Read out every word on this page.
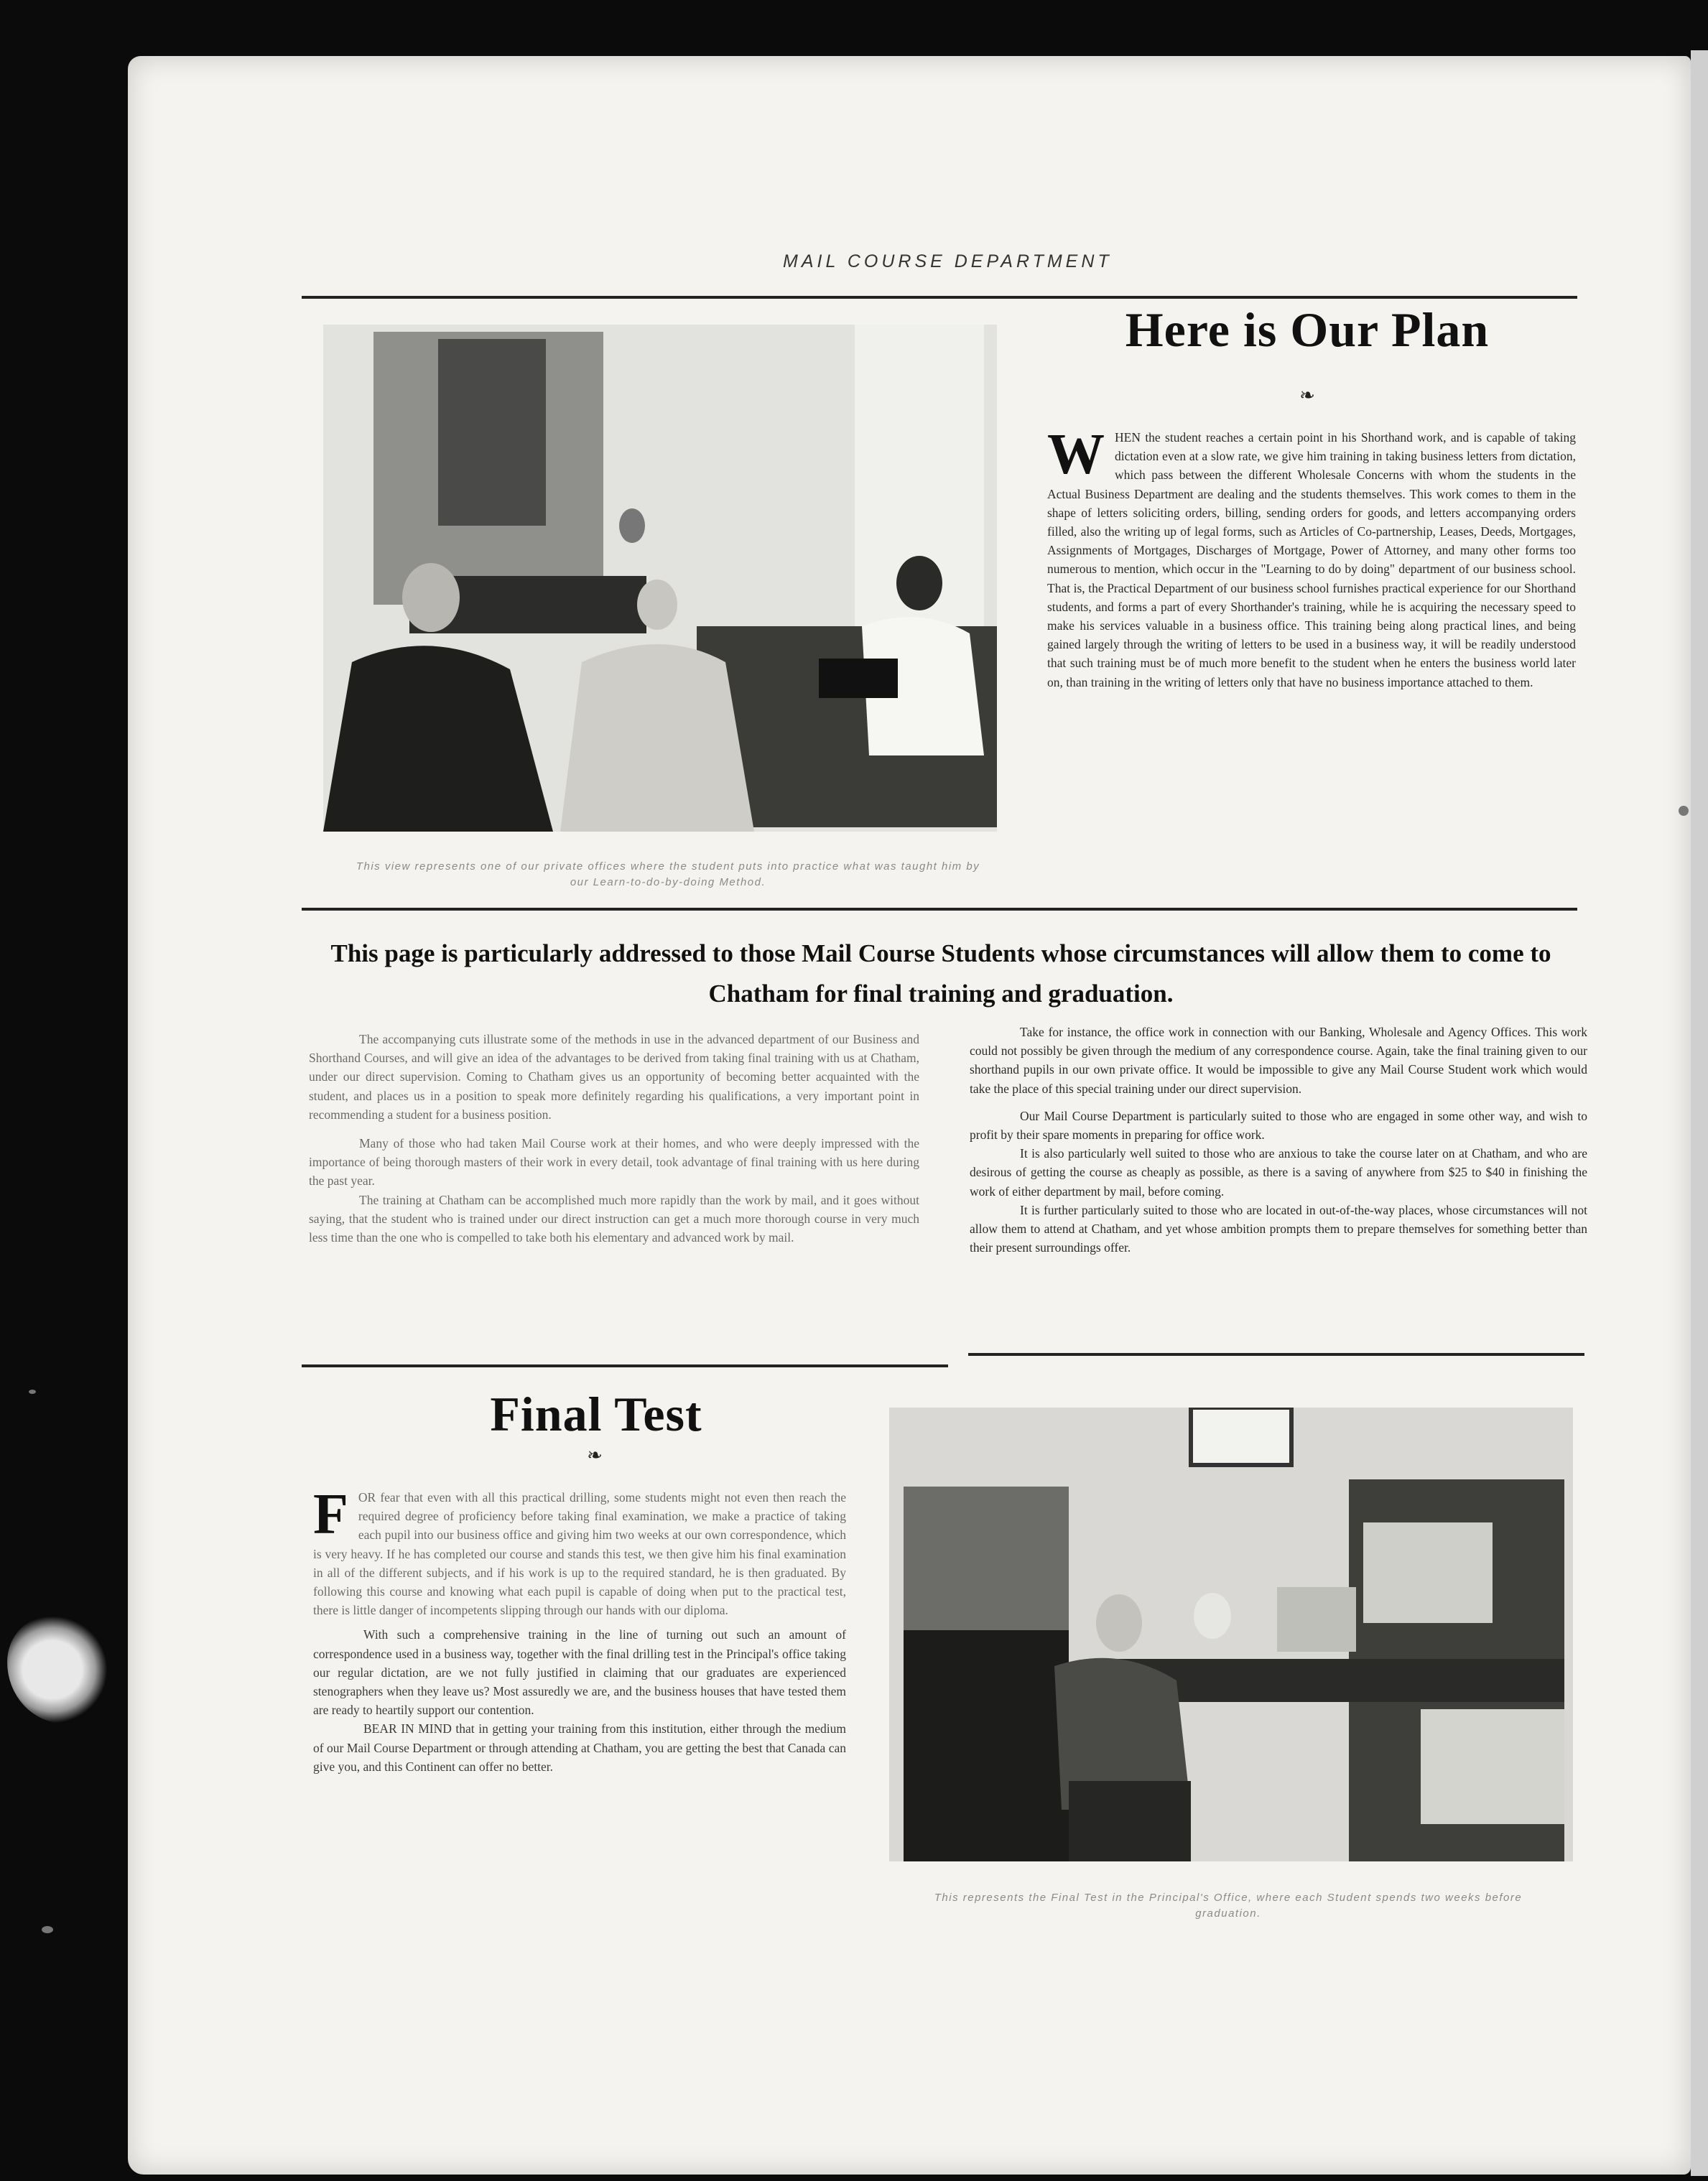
MAIL COURSE DEPARTMENT
This view represents one of our private offices where the student puts into practice what was taught him by our Learn-to-do-by-doing Method.
Here is Our Plan
❧
WHEN the student reaches a certain point in his Shorthand work, and is capable of taking dictation even at a slow rate, we give him training in taking business letters from dictation, which pass between the different Wholesale Concerns with whom the students in the Actual Business Department are dealing and the students themselves. This work comes to them in the shape of letters soliciting orders, billing, sending orders for goods, and letters accompanying orders filled, also the writing up of legal forms, such as Articles of Co-partnership, Leases, Deeds, Mortgages, Assignments of Mortgages, Discharges of Mortgage, Power of Attorney, and many other forms too numerous to mention, which occur in the "Learning to do by doing" department of our business school. That is, the Practical Department of our business school furnishes practical experience for our Shorthand students, and forms a part of every Shorthander's training, while he is acquiring the necessary speed to make his services valuable in a business office. This training being along practical lines, and being gained largely through the writing of letters to be used in a business way, it will be readily understood that such training must be of much more benefit to the student when he enters the business world later on, than training in the writing of letters only that have no business importance attached to them.
This page is particularly addressed to those Mail Course Students whose circumstances will allow them to come to Chatham for final training and graduation.

The accompanying cuts illustrate some of the methods in use in the advanced department of our Business and Shorthand Courses, and will give an idea of the advantages to be derived from taking final training with us at Chatham, under our direct supervision. Coming to Chatham gives us an opportunity of becoming better acquainted with the student, and places us in a position to speak more definitely regarding his qualifications, a very important point in recommending a student for a business position.

Many of those who had taken Mail Course work at their homes, and who were deeply impressed with the importance of being thorough masters of their work in every detail, took advantage of final training with us here during the past year.

The training at Chatham can be accomplished much more rapidly than the work by mail, and it goes without saying, that the student who is trained under our direct instruction can get a much more thorough course in very much less time than the one who is compelled to take both his elementary and advanced work by mail.

Take for instance, the office work in connection with our Banking, Wholesale and Agency Offices. This work could not possibly be given through the medium of any correspondence course. Again, take the final training given to our shorthand pupils in our own private office. It would be impossible to give any Mail Course Student work which would take the place of this special training under our direct supervision.

Our Mail Course Department is particularly suited to those who are engaged in some other way, and wish to profit by their spare moments in preparing for office work.

It is also particularly well suited to those who are anxious to take the course later on at Chatham, and who are desirous of getting the course as cheaply as possible, as there is a saving of anywhere from $25 to $40 in finishing the work of either department by mail, before coming.

It is further particularly suited to those who are located in out-of-the-way places, whose circumstances will not allow them to attend at Chatham, and yet whose ambition prompts them to prepare themselves for something better than their present surroundings offer.

Final Test
❧

FOR fear that even with all this practical drilling, some students might not even then reach the required degree of proficiency before taking final examination, we make a practice of taking each pupil into our business office and giving him two weeks at our own correspondence, which is very heavy. If he has completed our course and stands this test, we then give him his final examination in all of the different subjects, and if his work is up to the required standard, he is then graduated. By following this course and knowing what each pupil is capable of doing when put to the practical test, there is little danger of incompetents slipping through our hands with our diploma.

With such a comprehensive training in the line of turning out such an amount of correspondence used in a business way, together with the final drilling test in the Principal's office taking our regular dictation, are we not fully justified in claiming that our graduates are experienced stenographers when they leave us? Most assuredly we are, and the business houses that have tested them are ready to heartily support our contention.

BEAR IN MIND that in getting your training from this institution, either through the medium of our Mail Course Department or through attending at Chatham, you are getting the best that Canada can give you, and this Continent can offer no better.

This represents the Final Test in the Principal's Office, where each Student spends two weeks before graduation.
